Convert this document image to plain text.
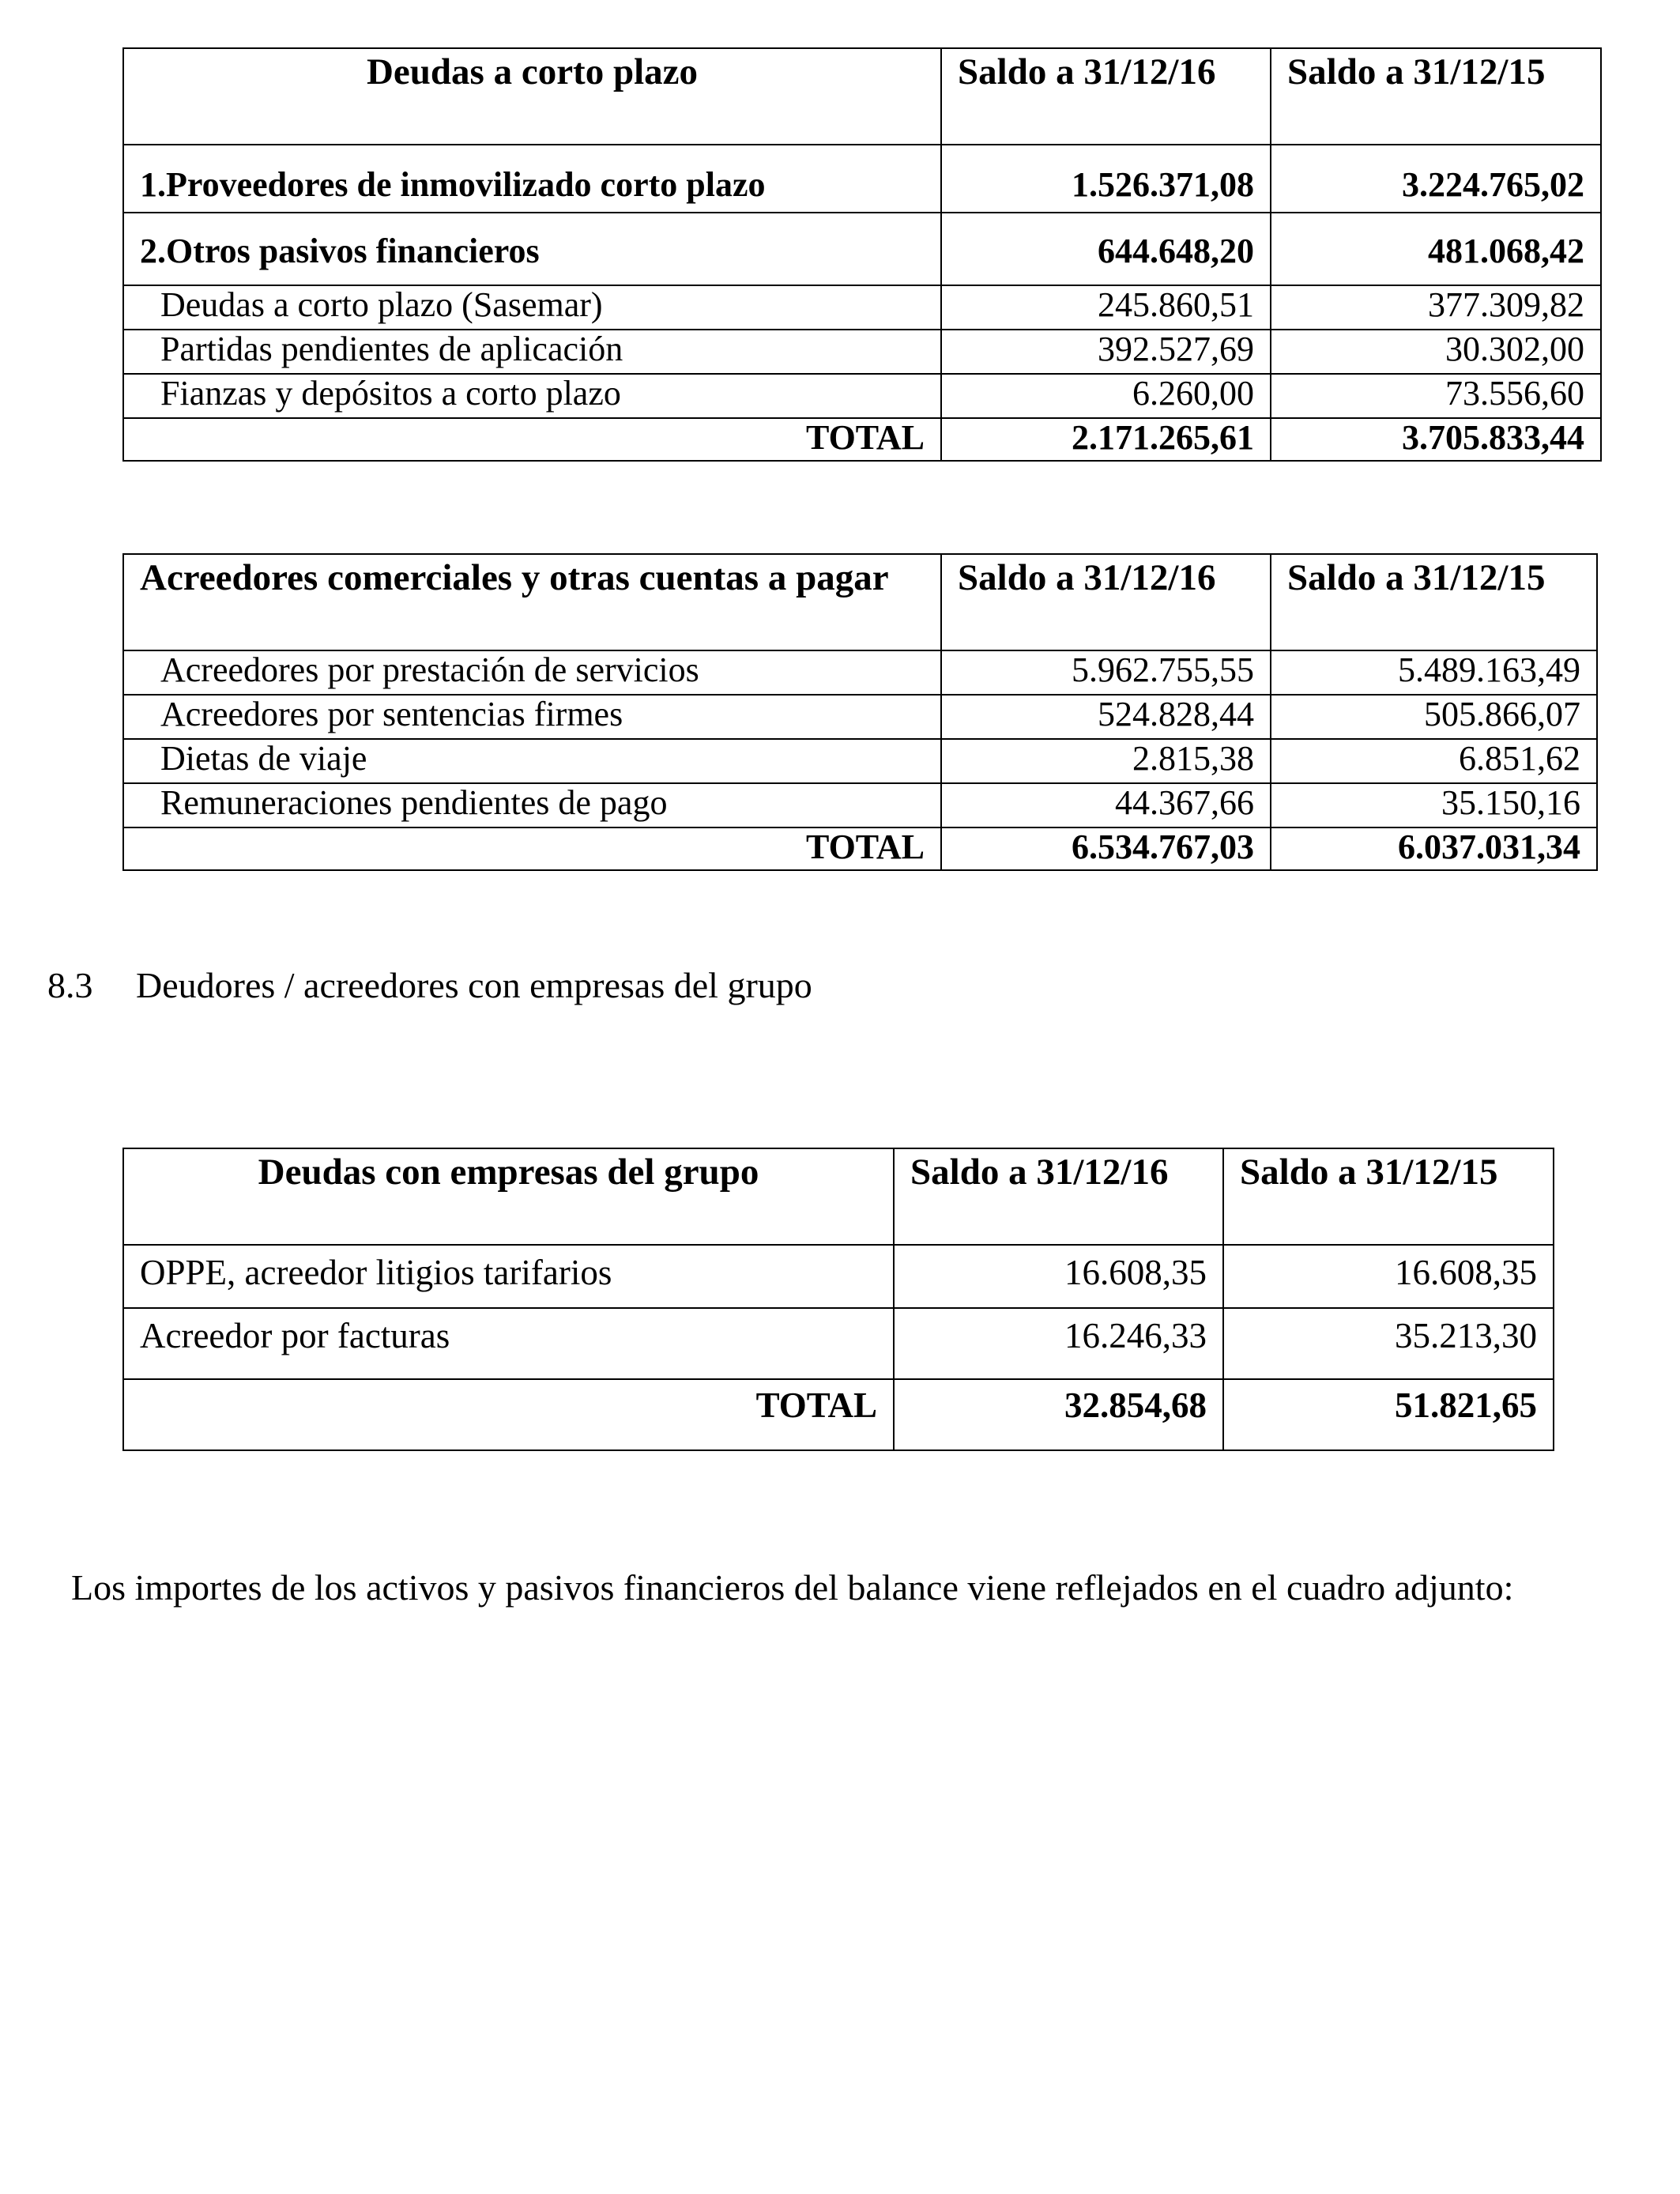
Deudas a corto plazo	Saldo a 31/12/16	Saldo a 31/12/15
1.Proveedores de inmovilizado corto plazo	1.526.371,08	3.224.765,02
2.Otros pasivos financieros	644.648,20	481.068,42
Deudas a corto plazo (Sasemar)	245.860,51	377.309,82
Partidas pendientes de aplicación	392.527,69	30.302,00
Fianzas y depósitos a corto plazo	6.260,00	73.556,60
TOTAL	2.171.265,61	3.705.833,44
Acreedores comerciales y otras cuentas a pagar	Saldo a 31/12/16	Saldo a 31/12/15
Acreedores por prestación de servicios	5.962.755,55	5.489.163,49
Acreedores por sentencias firmes	524.828,44	505.866,07
Dietas de viaje	2.815,38	6.851,62
Remuneraciones pendientes de pago	44.367,66	35.150,16
TOTAL	6.534.767,03	6.037.031,34
8.3 Deudores / acreedores con empresas del grupo
Deudas con empresas del grupo	Saldo a 31/12/16	Saldo a 31/12/15
OPPE, acreedor litigios tarifarios	16.608,35	16.608,35
Acreedor por facturas	16.246,33	35.213,30
TOTAL	32.854,68	51.821,65

Los importes de los activos y pasivos financieros del balance viene reflejados en el cuadro adjunto:
